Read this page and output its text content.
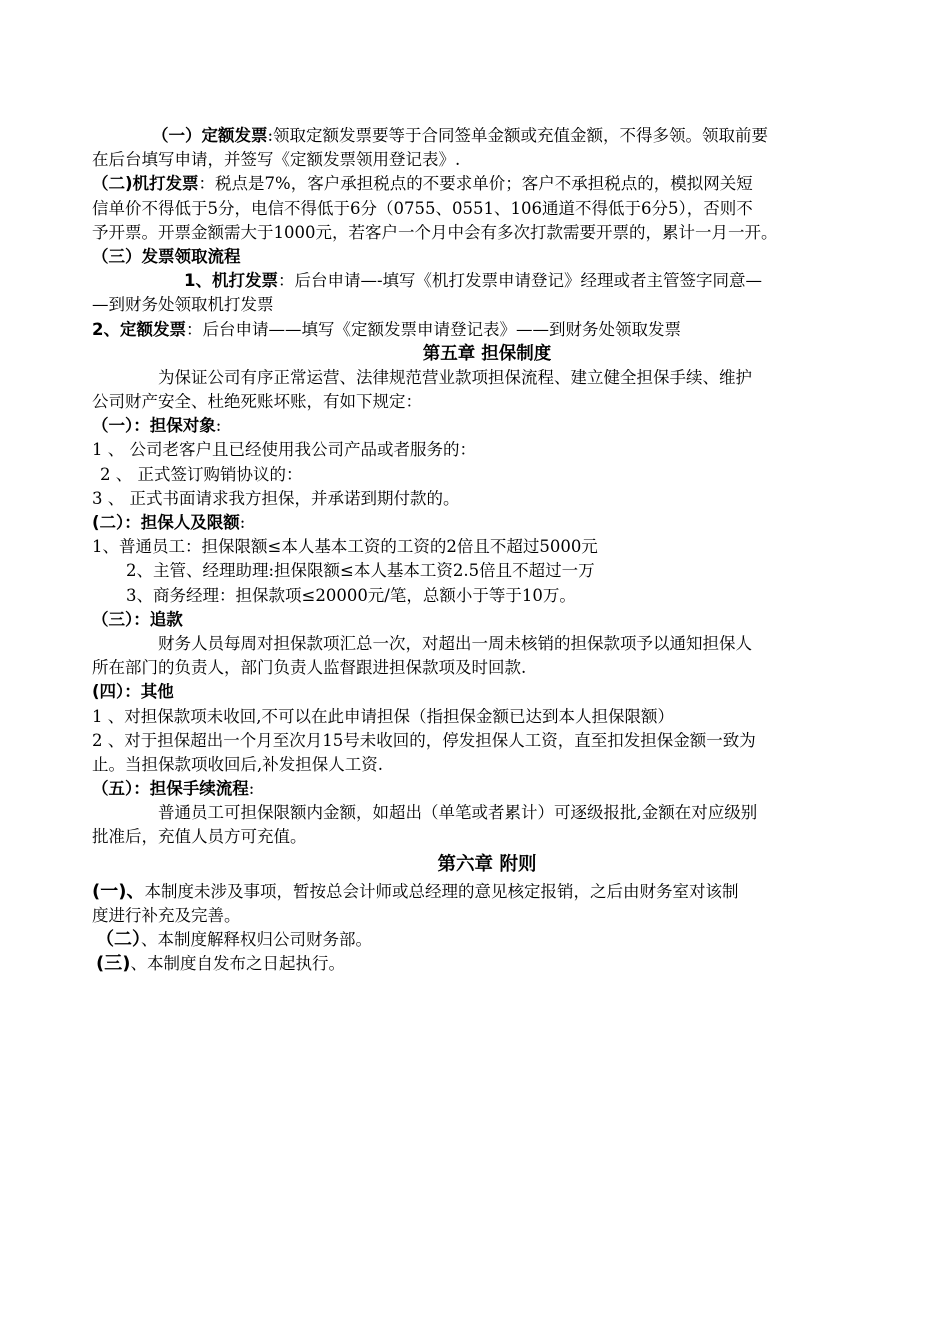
（一）定额发票:领取定额发票要等于合同签单金额或充值金额，不得多领。领取前要
在后台填写申请，并签写《定额发票领用登记表》.
（二)机打发票：税点是7%，客户承担税点的不要求单价；客户不承担税点的，模拟网关短
信单价不得低于5分，电信不得低于6分（0755、0551、106通道不得低于6分5），否则不
予开票。开票金额需大于1000元，若客户一个月中会有多次打款需要开票的，累计一月一开。
（三）发票领取流程
1、机打发票：后台申请—-填写《机打发票申请登记》经理或者主管签字同意—
—到财务处领取机打发票
2、定额发票：后台申请——填写《定额发票申请登记表》——到财务处领取发票
第五章 担保制度
为保证公司有序正常运营、法律规范营业款项担保流程、建立健全担保手续、维护
公司财产安全、杜绝死账坏账，有如下规定：
（一）：担保对象:
1 、 公司老客户且已经使用我公司产品或者服务的：
2 、 正式签订购销协议的：
3 、 正式书面请求我方担保，并承诺到期付款的。
(二）：担保人及限额:
1、普通员工：担保限额≤本人基本工资的工资的2倍且不超过5000元
2、主管、经理助理:担保限额≤本人基本工资2.5倍且不超过一万
3、商务经理：担保款项≤20000元/笔，总额小于等于10万。
（三）：追款
财务人员每周对担保款项汇总一次，对超出一周未核销的担保款项予以通知担保人
所在部门的负责人，部门负责人监督跟进担保款项及时回款.
(四）：其他
1 、对担保款项未收回,不可以在此申请担保（指担保金额已达到本人担保限额）
2 、对于担保超出一个月至次月15号未收回的，停发担保人工资，直至扣发担保金额一致为
止。当担保款项收回后,补发担保人工资.
（五）：担保手续流程:
普通员工可担保限额内金额，如超出（单笔或者累计）可逐级报批,金额在对应级别
批准后，充值人员方可充值。
第六章 附则
(一)、本制度未涉及事项，暂按总会计师或总经理的意见核定报销，之后由财务室对该制
度进行补充及完善。
（二）、本制度解释权归公司财务部。
(三)、本制度自发布之日起执行。
